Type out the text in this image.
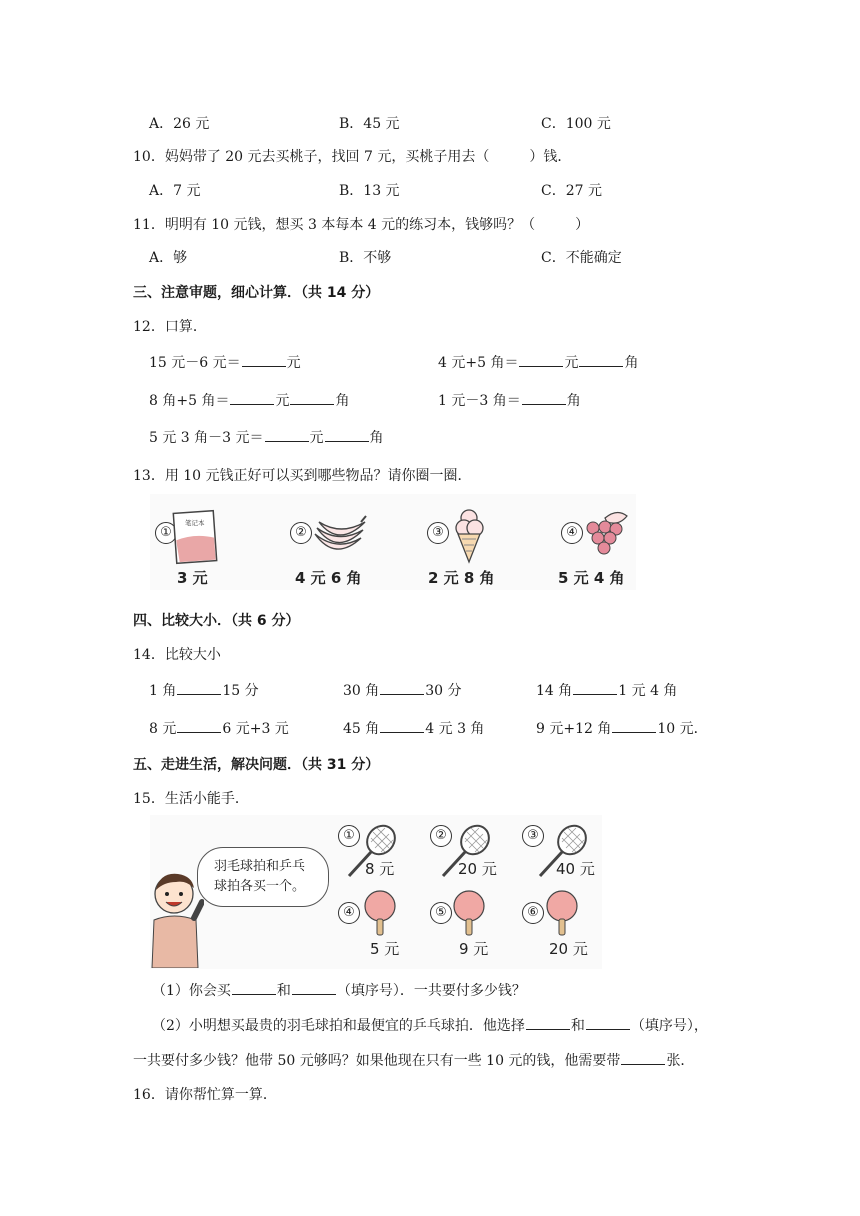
A．26 元	B．45 元	C．100 元
10．妈妈带了 20 元去买桃子，找回 7 元，买桃子用去（	）钱．
A．7 元	B．13 元	C．27 元
11．明明有 10 元钱，想买 3 本每本 4 元的练习本，钱够吗？（	）
A．够	B．不够	C．不能确定
三、注意审题，细心计算．（共 14 分）
12．口算．
15 元－6 元＝	元	4 元+5 角＝	元	角
8 角+5 角＝	元	角	1 元－3 角＝	角
5 元 3 角－3 元＝	元	角
13．用 10 元钱正好可以买到哪些物品？请你圈一圈．
①
笔记本
3 元
②
4 元 6 角
③
2 元 8 角
④
5 元 4 角
四、比较大小．（共 6 分）
14．比较大小
1 角	15 分	30 角	30 分	14 角	1 元 4 角
8 元	6 元+3 元	45 角	4 元 3 角	9 元+12 角	10 元．
五、走进生活，解决问题．（共 31 分）
15．生活小能手．
羽毛球拍和乒乓球拍各买一个。
①
8 元
②
20 元
③
40 元
④
5 元
⑤
9 元
⑥
20 元
（1）你会买	和	（填序号）．一共要付多少钱？
（2）小明想买最贵的羽毛球拍和最便宜的乒乓球拍．他选择	和	（填序号），
一共要付多少钱？他带 50 元够吗？如果他现在只有一些 10 元的钱，他需要带	张．
16．请你帮忙算一算．
